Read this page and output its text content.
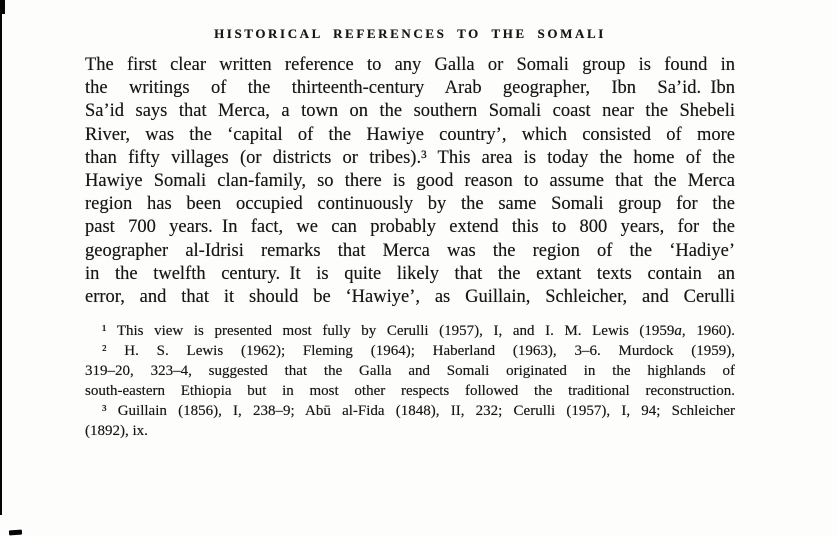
HISTORICAL REFERENCES TO THE SOMALI
The first clear written reference to any Galla or Somali group is found in
the writings of the thirteenth-century Arab geographer, Ibn Sa’id. Ibn
Sa’id says that Merca, a town on the southern Somali coast near the Shebeli
River, was the ‘capital of the Hawiye country’, which consisted of more
than fifty villages (or districts or tribes).³ This area is today the home of the
Hawiye Somali clan-family, so there is good reason to assume that the Merca
region has been occupied continuously by the same Somali group for the
past 700 years. In fact, we can probably extend this to 800 years, for the
geographer al-Idrisi remarks that Merca was the region of the ‘Hadiye’
in the twelfth century. It is quite likely that the extant texts contain an
error, and that it should be ‘Hawiye’, as Guillain, Schleicher, and Cerulli
¹ This view is presented most fully by Cerulli (1957), I, and I. M. Lewis (1959a, 1960).
² H. S. Lewis (1962); Fleming (1964); Haberland (1963), 3–6. Murdock (1959),
319–20, 323–4, suggested that the Galla and Somali originated in the highlands of
south-eastern Ethiopia but in most other respects followed the traditional reconstruction.
³ Guillain (1856), I, 238–9; Abū al-Fida (1848), II, 232; Cerulli (1957), I, 94; Schleicher
(1892), ix.
